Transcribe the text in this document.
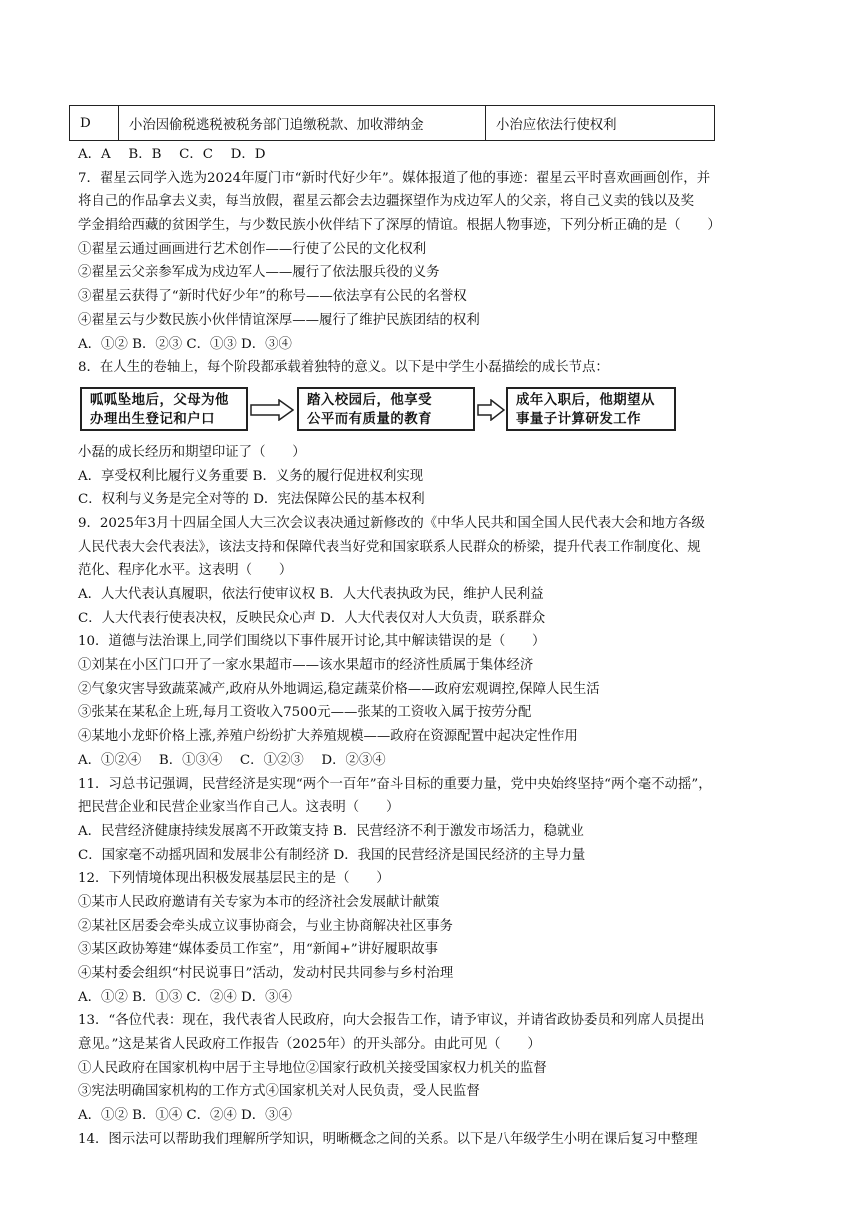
D	小治因偷税逃税被税务部门追缴税款、加收滞纳金	小治应依法行使权利
A．A　 B．B　 C．C　 D．D
7．翟星云同学入选为2024年厦门市“新时代好少年”。媒体报道了他的事迹：翟星云平时喜欢画画创作，并
将自己的作品拿去义卖，每当放假，翟星云都会去边疆探望作为戍边军人的父亲，将自己义卖的钱以及奖
学金捐给西藏的贫困学生，与少数民族小伙伴结下了深厚的情谊。根据人物事迹，下列分析正确的是（　　）
①翟星云通过画画进行艺术创作——行使了公民的文化权利
②翟星云父亲参军成为戍边军人——履行了依法服兵役的义务
③翟星云获得了“新时代好少年”的称号——依法享有公民的名誉权
④翟星云与少数民族小伙伴情谊深厚——履行了维护民族团结的权利
A．①② B．②③ C．①③ D．③④
8．在人生的卷轴上，每个阶段都承载着独特的意义。以下是中学生小磊描绘的成长节点：
呱呱坠地后，父母为他
办理出生登记和户口
踏入校园后，他享受
公平而有质量的教育
成年入职后，他期望从
事量子计算研发工作
小磊的成长经历和期望印证了（　　）
A．享受权利比履行义务重要 B．义务的履行促进权利实现
C．权利与义务是完全对等的 D．宪法保障公民的基本权利
9．2025年3月十四届全国人大三次会议表决通过新修改的《中华人民共和国全国人民代表大会和地方各级
人民代表大会代表法》，该法支持和保障代表当好党和国家联系人民群众的桥梁，提升代表工作制度化、规
范化、程序化水平。这表明（　　）
A．人大代表认真履职，依法行使审议权 B．人大代表执政为民，维护人民利益
C．人大代表行使表决权，反映民众心声 D．人大代表仅对人大负责，联系群众
10．道德与法治课上,同学们围绕以下事件展开讨论,其中解读错误的是（　　）
①刘某在小区门口开了一家水果超市——该水果超市的经济性质属于集体经济
②气象灾害导致蔬菜减产,政府从外地调运,稳定蔬菜价格——政府宏观调控,保障人民生活
③张某在某私企上班,每月工资收入7500元——张某的工资收入属于按劳分配
④某地小龙虾价格上涨,养殖户纷纷扩大养殖规模——政府在资源配置中起决定性作用
A．①②④　 B．①③④　 C．①②③　 D．②③④
11．习总书记强调，民营经济是实现“两个一百年”奋斗目标的重要力量，党中央始终坚持“两个毫不动摇”，
把民营企业和民营企业家当作自己人。这表明（　　）
A．民营经济健康持续发展离不开政策支持 B．民营经济不利于激发市场活力，稳就业
C．国家毫不动摇巩固和发展非公有制经济 D．我国的民营经济是国民经济的主导力量
12．下列情境体现出积极发展基层民主的是（　　）
①某市人民政府邀请有关专家为本市的经济社会发展献计献策
②某社区居委会牵头成立议事协商会，与业主协商解决社区事务
③某区政协筹建“媒体委员工作室”，用“新闻+”讲好履职故事
④某村委会组织“村民说事日”活动，发动村民共同参与乡村治理
A．①② B．①③ C．②④ D．③④
13．“各位代表：现在，我代表省人民政府，向大会报告工作，请予审议，并请省政协委员和列席人员提出
意见。”这是某省人民政府工作报告（2025年）的开头部分。由此可见（　　）
①人民政府在国家机构中居于主导地位②国家行政机关接受国家权力机关的监督
③宪法明确国家机构的工作方式④国家机关对人民负责，受人民监督
A．①② B．①④ C．②④ D．③④
14．图示法可以帮助我们理解所学知识，明晰概念之间的关系。以下是八年级学生小明在课后复习中整理
